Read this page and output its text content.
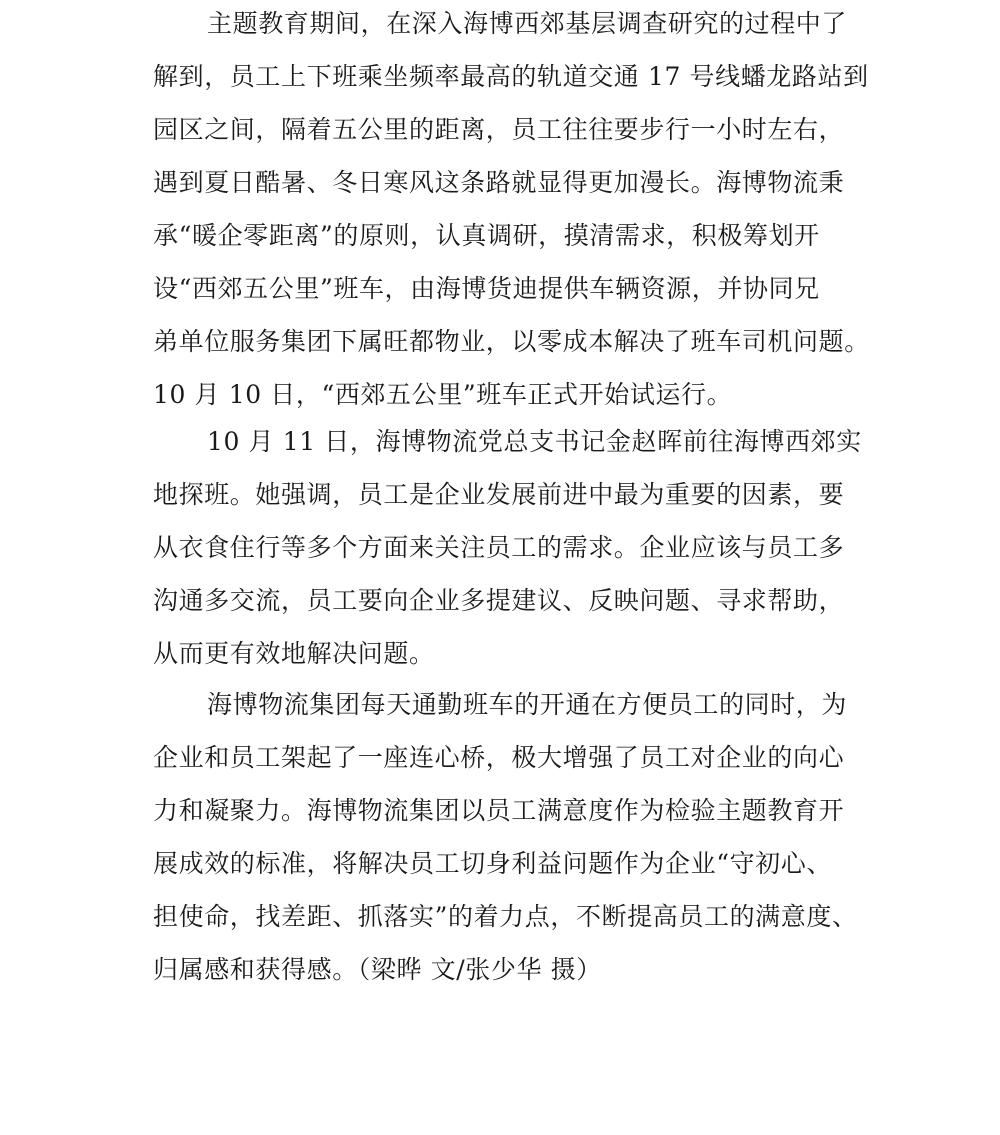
主题教育期间，在深入海博西郊基层调查研究的过程中了
解到，员工上下班乘坐频率最高的轨道交通 17 号线蟠龙路站到
园区之间，隔着五公里的距离，员工往往要步行一小时左右，
遇到夏日酷暑、冬日寒风这条路就显得更加漫长。海博物流秉
承“暖企零距离”的原则，认真调研，摸清需求，积极筹划开
设“西郊五公里”班车，由海博货迪提供车辆资源，并协同兄
弟单位服务集团下属旺都物业，以零成本解决了班车司机问题。
10 月 10 日，“西郊五公里”班车正式开始试运行。

10 月 11 日，海博物流党总支书记金赵晖前往海博西郊实
地探班。她强调，员工是企业发展前进中最为重要的因素，要
从衣食住行等多个方面来关注员工的需求。企业应该与员工多
沟通多交流，员工要向企业多提建议、反映问题、寻求帮助，
从而更有效地解决问题。

海博物流集团每天通勤班车的开通在方便员工的同时，为
企业和员工架起了一座连心桥，极大增强了员工对企业的向心
力和凝聚力。海博物流集团以员工满意度作为检验主题教育开
展成效的标准，将解决员工切身利益问题作为企业“守初心、
担使命，找差距、抓落实”的着力点，不断提高员工的满意度、
归属感和获得感。（梁晔 文/张少华 摄）
